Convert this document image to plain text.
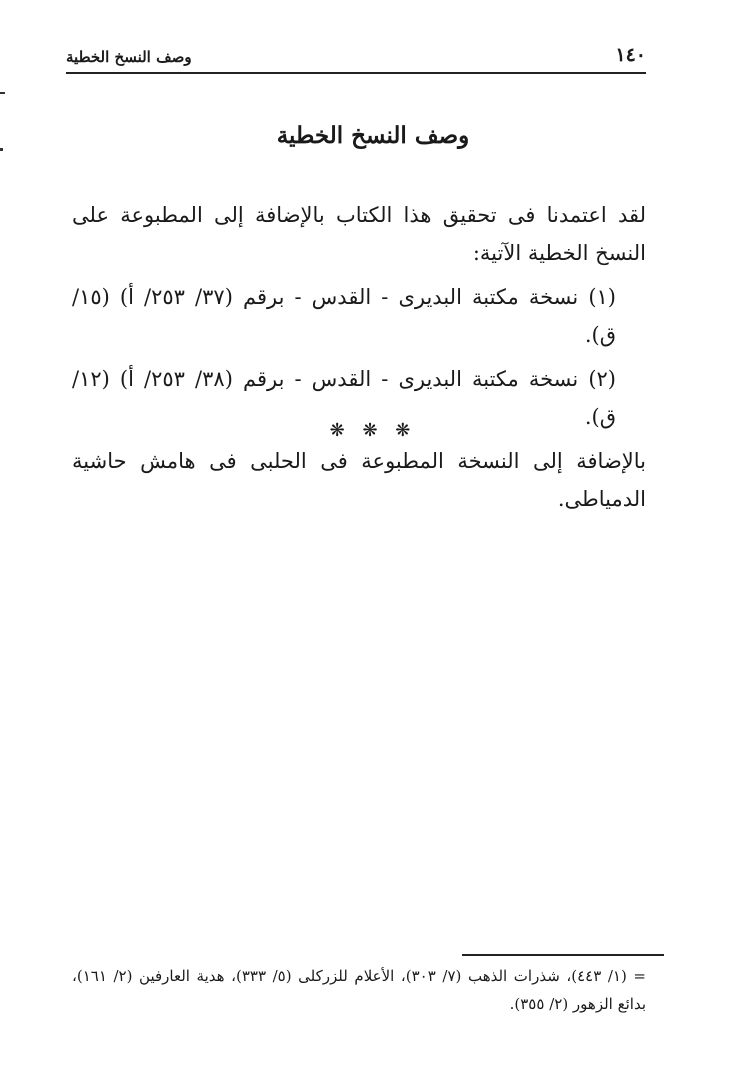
وصف النسخ الخطية	١٤٠
وصف النسخ الخطية

لقد اعتمدنا فى تحقيق هذا الكتاب بالإضافة إلى المطبوعة على النسخ الخطية الآتية:

(١) نسخة مكتبة البديرى - القدس - برقم (٣٧/ ٢٥٣/ أ) (١٥/ ق).

(٢) نسخة مكتبة البديرى - القدس - برقم (٣٨/ ٢٥٣/ أ) (١٢/ ق).

بالإضافة إلى النسخة المطبوعة فى الحلبى فى هامش حاشية الدمياطى.

❋ ❋ ❋
= (١/ ٤٤٣)، شذرات الذهب (٧/ ٣٠٣)، الأعلام للزركلى (٥/ ٣٣٣)، هدية العارفين (٢/ ١٦١)، بدائع الزهور (٢/ ٣٥٥).
